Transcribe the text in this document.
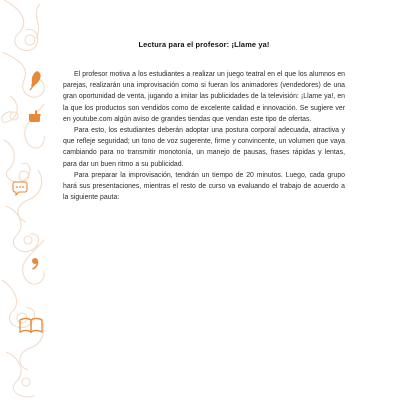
Lectura para el profesor: ¡Llame ya!

El profesor motiva a los estudiantes a realizar un juego teatral en el que los alumnos en parejas, realizarán una improvisación como si fueran los animadores (vendedores) de una gran oportunidad de venta, jugando a imitar las publicidades de la televisión: ¡Llame ya!, en la que los productos son vendidos como de excelente calidad e innovación. Se sugiere ver en youtube.com algún aviso de grandes tiendas que vendan este tipo de ofertas.

Para esto, los estudiantes deberán adoptar una postura corporal adecuada, atractiva y que refleje seguridad; un tono de voz sugerente, firme y convincente, un volumen que vaya cambiando para no transmitir monotonía, un manejo de pausas, frases rápidas y lentas, para dar un buen ritmo a su publicidad.

Para preparar la improvisación, tendrán un tiempo de 20 minutos. Luego, cada grupo hará sus presentaciones, mientras el resto de curso va evaluando el trabajo de acuerdo a la siguiente pauta:
